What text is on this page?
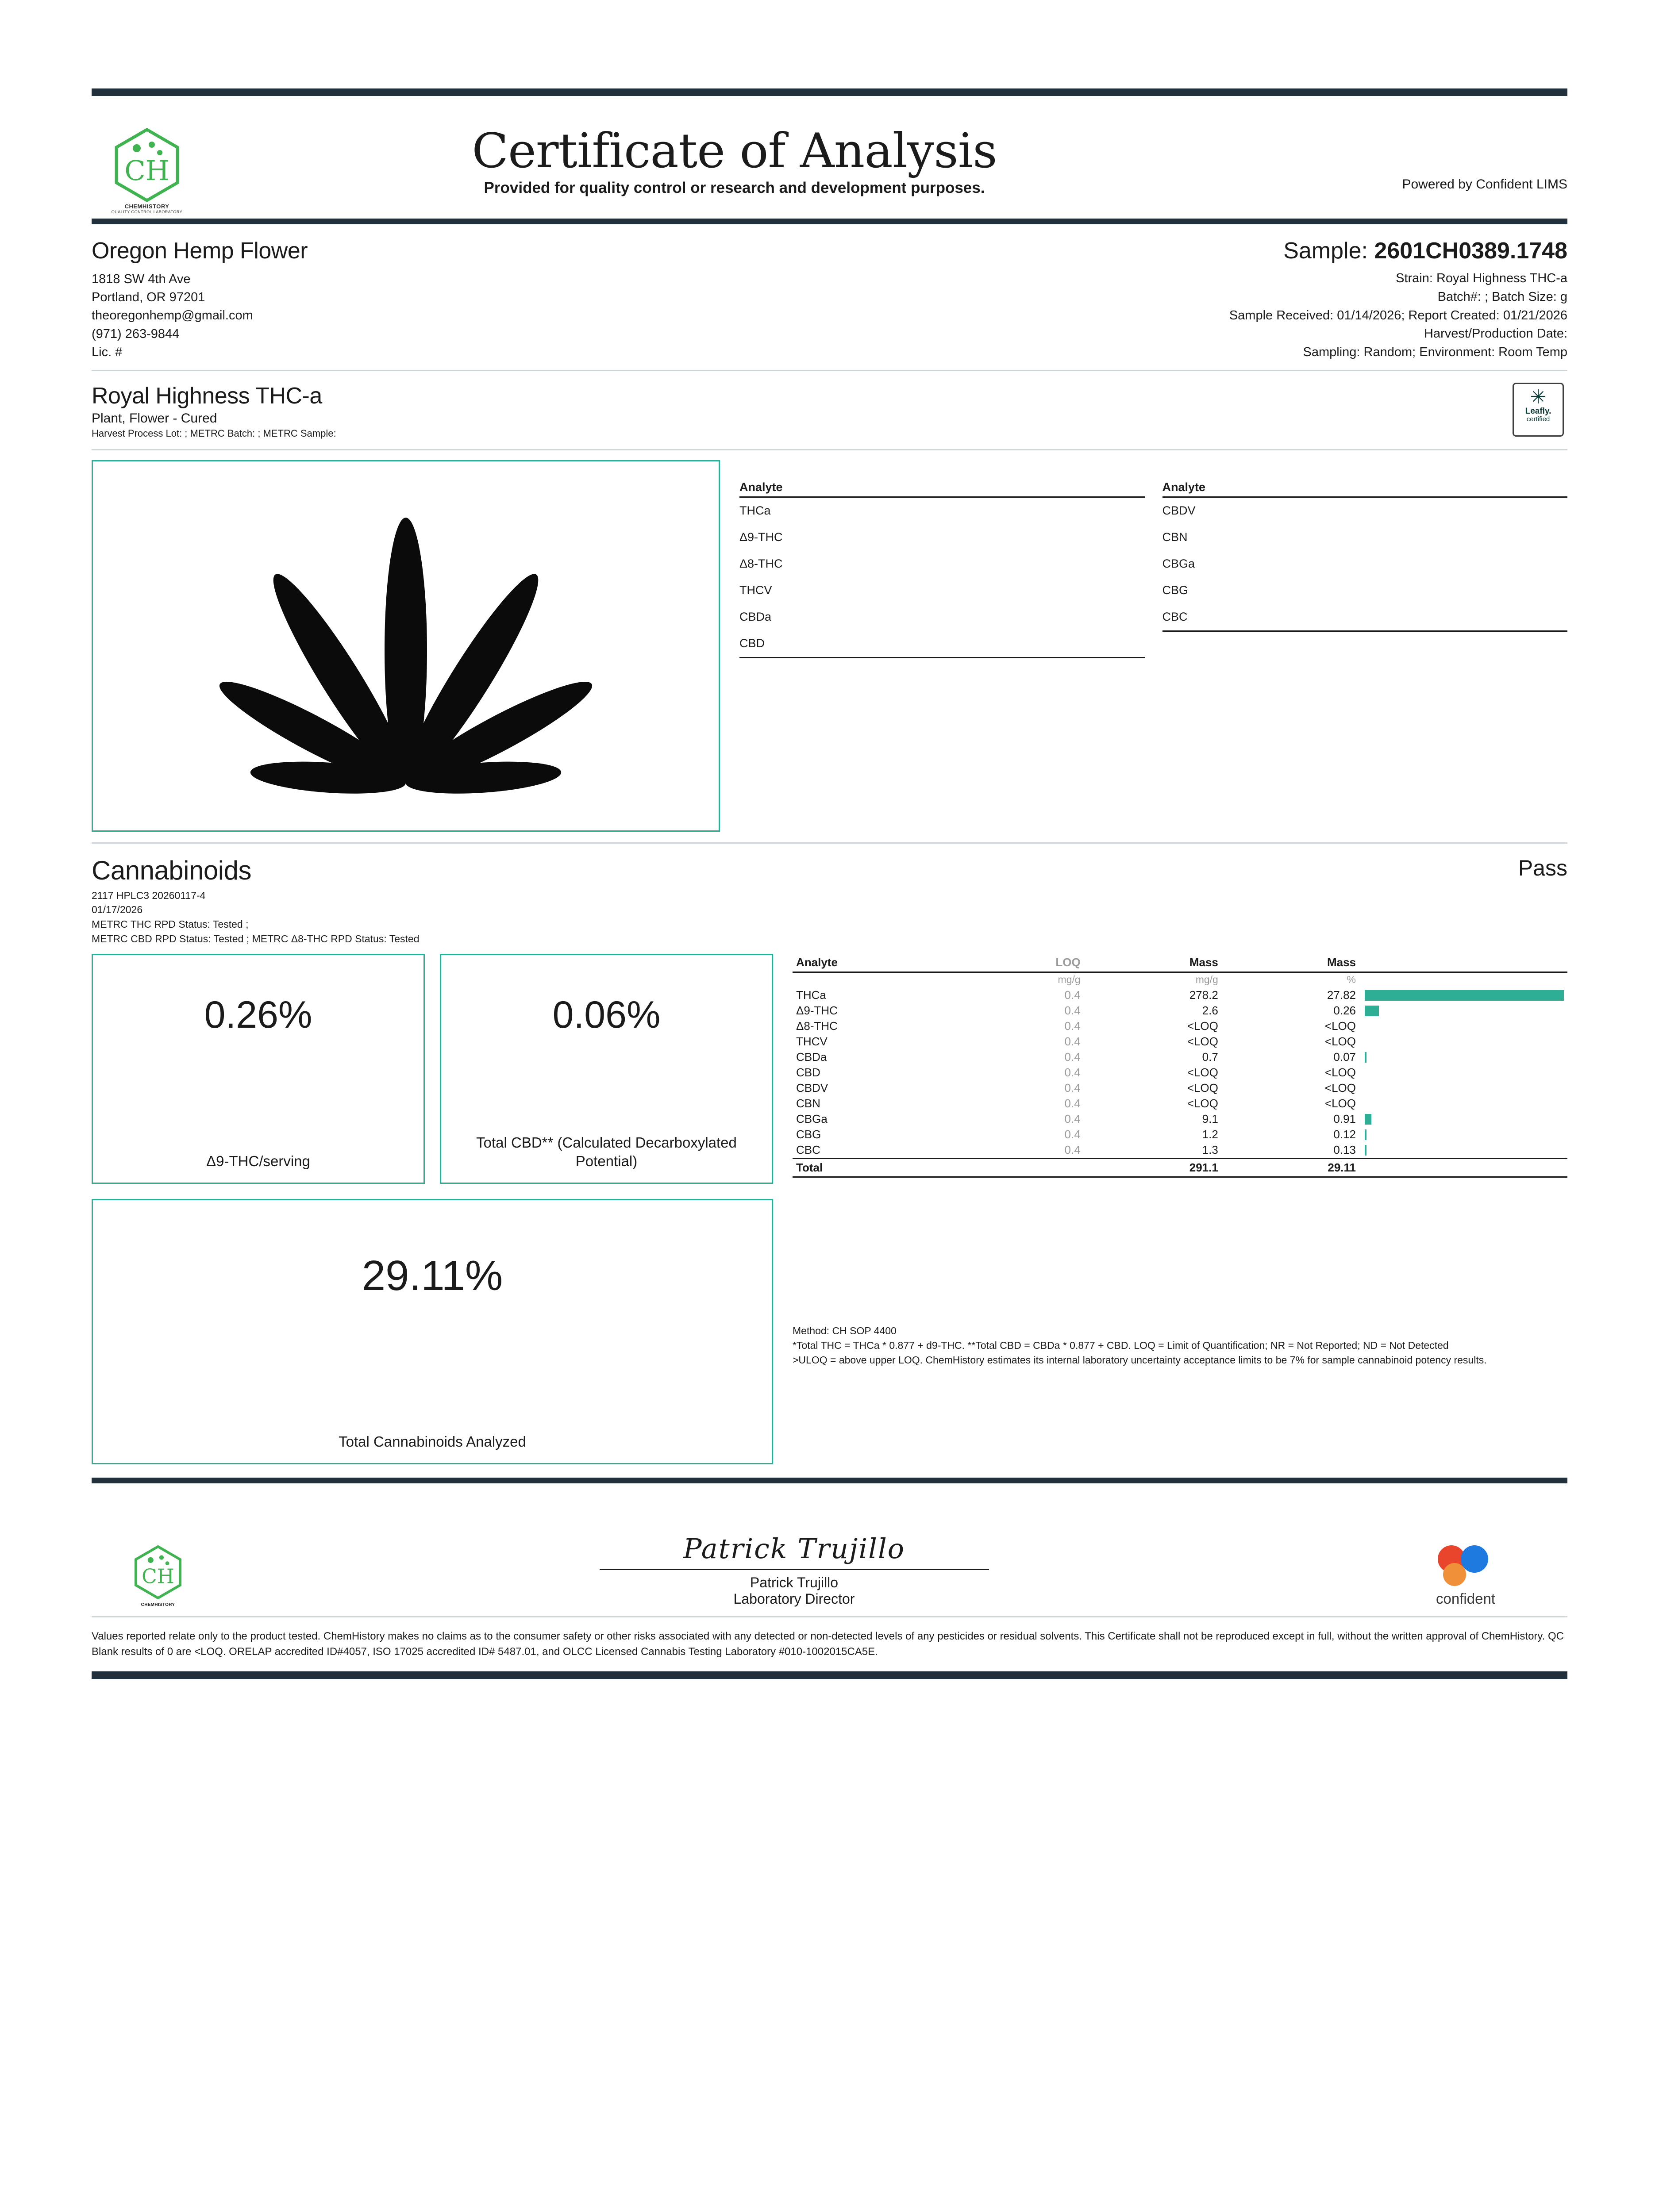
CH
CHEMHISTORY
QUALITY CONTROL LABORATORY
Certificate of Analysis
Provided for quality control or research and development purposes.	Powered by Confident LIMS
Oregon Hemp Flower
1818 SW 4th Ave
Portland, OR 97201
theoregonhemp@gmail.com
(971) 263-9844
Lic. #
Sample: 2601CH0389.1748
Strain: Royal Highness THC-a
Batch#: ; Batch Size: g
Sample Received: 01/14/2026; Report Created: 01/21/2026
Harvest/Production Date:
Sampling: Random; Environment: Room Temp
Royal Highness THC-a
Plant, Flower - Cured
Harvest Process Lot: ; METRC Batch: ; METRC Sample:
✳
Leafly.
certified
Analyte
THCa
Δ9-THC
Δ8-THC
THCV
CBDa
CBD
Analyte
CBDV
CBN
CBGa
CBG
CBC
Cannabinoids	Pass
2117 HPLC3 20260117-4
01/17/2026
METRC THC RPD Status: Tested ;
METRC CBD RPD Status: Tested ; METRC Δ8-THC RPD Status: Tested
0.26%
Δ9-THC/serving
0.06%
Total CBD** (Calculated Decarboxylated Potential)
29.11%
Total Cannabinoids Analyzed
Analyte	LOQ	Mass	Mass	
	mg/g	mg/g	%	
THCa	0.4	278.2	27.82	

Δ9-THC	0.4	2.6	0.26	

Δ8-THC	0.4	<LOQ	<LOQ	

THCV	0.4	<LOQ	<LOQ	

CBDa	0.4	0.7	0.07	

CBD	0.4	<LOQ	<LOQ	

CBDV	0.4	<LOQ	<LOQ	

CBN	0.4	<LOQ	<LOQ	

CBGa	0.4	9.1	0.91	

CBG	0.4	1.2	0.12	

CBC	0.4	1.3	0.13	

Total		291.1	29.11	
Method: CH SOP 4400
*Total THC = THCa * 0.877 + d9-THC. **Total CBD = CBDa * 0.877 + CBD. LOQ = Limit of Quantification; NR = Not Reported; ND = Not Detected
>ULOQ = above upper LOQ. ChemHistory estimates its internal laboratory uncertainty acceptance limits to be 7% for sample cannabinoid potency results.
CH
CHEMHISTORY
Patrick Trujillo
Patrick Trujillo
Laboratory Director	confident
Values reported relate only to the product tested. ChemHistory makes no claims as to the consumer safety or other risks associated with any detected or non-detected levels of any pesticides or residual solvents. This Certificate shall not be reproduced except in full, without the written approval of ChemHistory. QC Blank results of 0 are <LOQ. ORELAP accredited ID#4057, ISO 17025 accredited ID# 5487.01, and OLCC Licensed Cannabis Testing Laboratory #010-1002015CA5E.
